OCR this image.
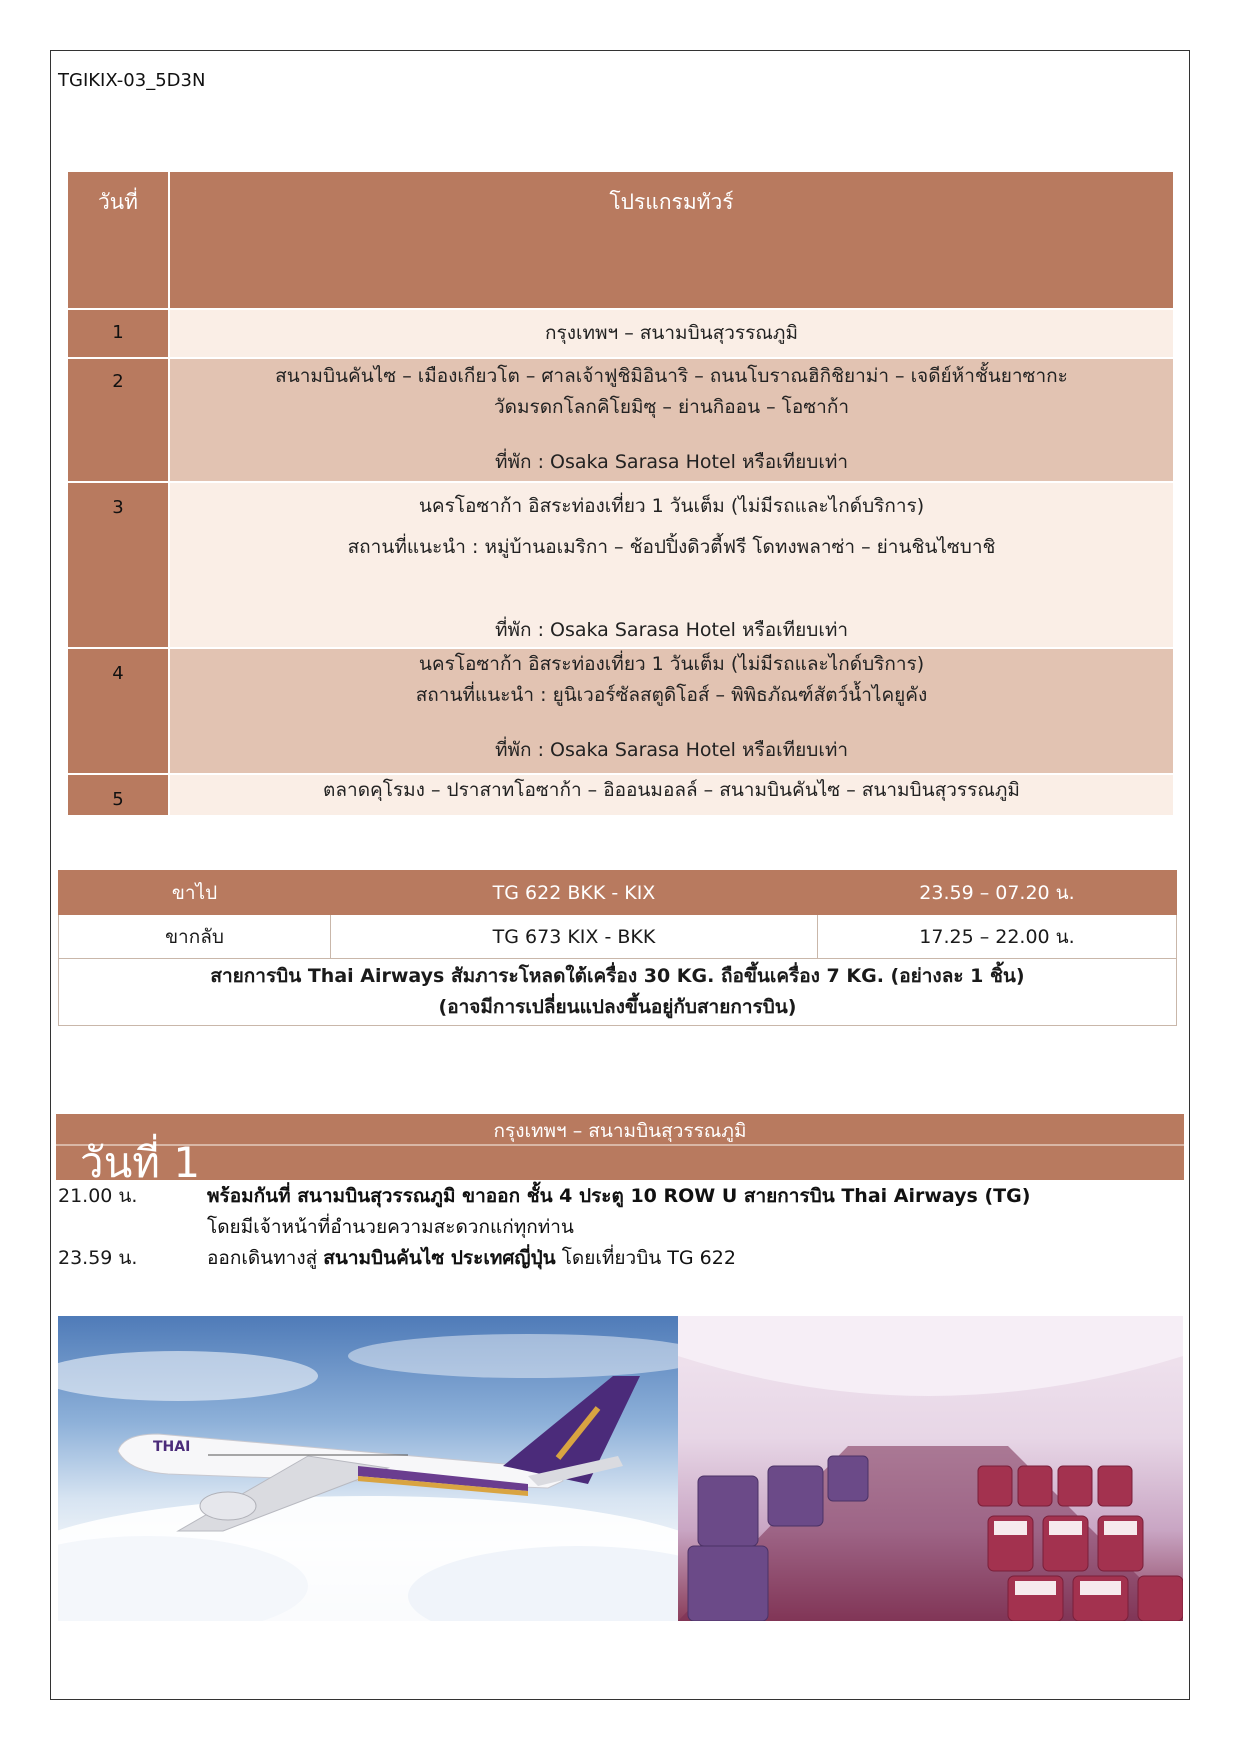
TGIKIX-03_5D3N
วันที่	โปรแกรมทัวร์

1	กรุงเทพฯ – สนามบินสุวรรณภูมิ

2	สนามบินคันไซ – เมืองเกียวโต – ศาลเจ้าฟูชิมิอินาริ – ถนนโบราณฮิกิชิยาม่า – เจดีย์ห้าชั้นยาซากะ
วัดมรดกโลกคิโยมิซุ – ย่านกิออน – โอซาก้า
ที่พัก : Osaka Sarasa Hotel หรือเทียบเท่า

3	นครโอซาก้า อิสระท่องเที่ยว 1 วันเต็ม (ไม่มีรถและไกด์บริการ)
สถานที่แนะนำ : หมู่บ้านอเมริกา – ช้อปปิ้งดิวตี้ฟรี โดทงพลาซ่า – ย่านชินไซบาชิ
ที่พัก : Osaka Sarasa Hotel หรือเทียบเท่า

4	นครโอซาก้า อิสระท่องเที่ยว 1 วันเต็ม (ไม่มีรถและไกด์บริการ)
สถานที่แนะนำ : ยูนิเวอร์ซัลสตูดิโอส์ – พิพิธภัณฑ์สัตว์น้ำไคยูคัง
ที่พัก : Osaka Sarasa Hotel หรือเทียบเท่า

5	ตลาดคุโรมง – ปราสาทโอซาก้า – อิออนมอลล์ – สนามบินคันไซ – สนามบินสุวรรณภูมิ
ขาไป	TG 622 BKK - KIX	23.59 – 07.20 น.
ขากลับ	TG 673 KIX - BKK	17.25 – 22.00 น.

สายการบิน Thai Airways สัมภาระโหลดใต้เครื่อง 30 KG. ถือขึ้นเครื่อง 7 KG. (อย่างละ 1 ชิ้น)
(อาจมีการเปลี่ยนแปลงขึ้นอยู่กับสายการบิน)		
กรุงเทพฯ – สนามบินสุวรรณภูมิ
วันที่ 1
21.00 น.	พร้อมกันที่ สนามบินสุวรรณภูมิ ขาออก ชั้น 4 ประตู 10 ROW U สายการบิน Thai Airways (TG)
โดยมีเจ้าหน้าที่อำนวยความสะดวกแก่ทุกท่าน
23.59 น.	ออกเดินทางสู่ สนามบินคันไซ ประเทศญี่ปุ่น โดยเที่ยวบิน TG 622
THAI
